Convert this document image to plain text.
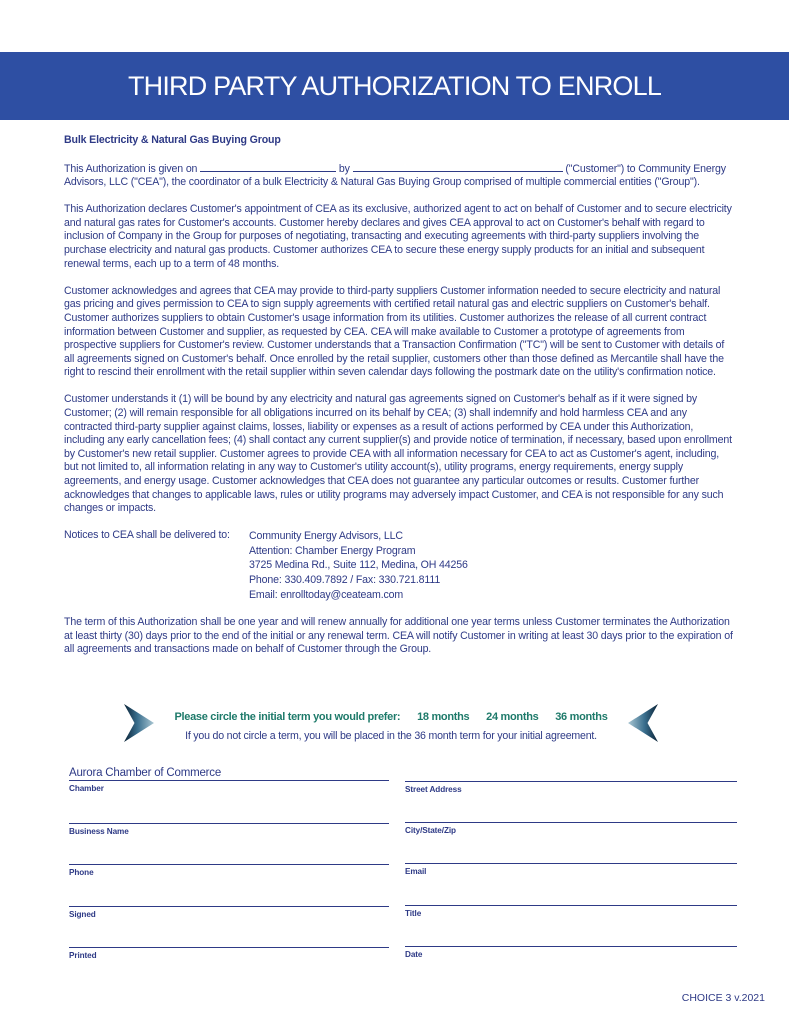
THIRD PARTY AUTHORIZATION TO ENROLL

Bulk Electricity & Natural Gas Buying Group

This Authorization is given on	by	("Customer") to Community Energy Advisors, LLC ("CEA"), the coordinator of a bulk Electricity & Natural Gas Buying Group comprised of multiple commercial entities ("Group").

This Authorization declares Customer's appointment of CEA as its exclusive, authorized agent to act on behalf of Customer and to secure electricity and natural gas rates for Customer's accounts. Customer hereby declares and gives CEA approval to act on Customer's behalf with regard to inclusion of Company in the Group for purposes of negotiating, transacting and executing agreements with third-party suppliers involving the purchase electricity and natural gas products. Customer authorizes CEA to secure these energy supply products for an initial and subsequent renewal terms, each up to a term of 48 months.

Customer acknowledges and agrees that CEA may provide to third-party suppliers Customer information needed to secure electricity and natural gas pricing and gives permission to CEA to sign supply agreements with certified retail natural gas and electric suppliers on Customer's behalf. Customer authorizes suppliers to obtain Customer's usage information from its utilities. Customer authorizes the release of all current contract information between Customer and supplier, as requested by CEA. CEA will make available to Customer a prototype of agreements from prospective suppliers for Customer's review. Customer understands that a Transaction Confirmation ("TC") will be sent to Customer with details of all agreements signed on Customer's behalf. Once enrolled by the retail supplier, customers other than those defined as Mercantile shall have the right to rescind their enrollment with the retail supplier within seven calendar days following the postmark date on the utility's confirmation notice.

Customer understands it (1) will be bound by any electricity and natural gas agreements signed on Customer's behalf as if it were signed by Customer; (2) will remain responsible for all obligations incurred on its behalf by CEA; (3) shall indemnify and hold harmless CEA and any contracted third-party supplier against claims, losses, liability or expenses as a result of actions performed by CEA under this Authorization, including any early cancellation fees; (4) shall contact any current supplier(s) and provide notice of termination, if necessary, based upon enrollment by Customer's new retail supplier. Customer agrees to provide CEA with all information necessary for CEA to act as Customer's agent, including, but not limited to, all information relating in any way to Customer's utility account(s), utility programs, energy requirements, energy supply agreements, and energy usage. Customer acknowledges that CEA does not guarantee any particular outcomes or results. Customer further acknowledges that changes to applicable laws, rules or utility programs may adversely impact Customer, and CEA is not responsible for any such changes or impacts.

Notices to CEA shall be delivered to:	Community Energy Advisors, LLC
Attention: Chamber Energy Program
3725 Medina Rd., Suite 112, Medina, OH 44256
Phone: 330.409.7892 / Fax: 330.721.8111
Email: enrolltoday@ceateam.com

The term of this Authorization shall be one year and will renew annually for additional one year terms unless Customer terminates the Authorization at least thirty (30) days prior to the end of the initial or any renewal term. CEA will notify Customer in writing at least 30 days prior to the expiration of all agreements and transactions made on behalf of Customer through the Group.

Please circle the initial term you would prefer: 18 months 24 months 36 months
If you do not circle a term, you will be placed in the 36 month term for your initial agreement.
Aurora Chamber of Commerce
Chamber	Street Address
Business Name	City/State/Zip
Phone	Email
Signed	Title
Printed	Date
CHOICE 3 v.2021
